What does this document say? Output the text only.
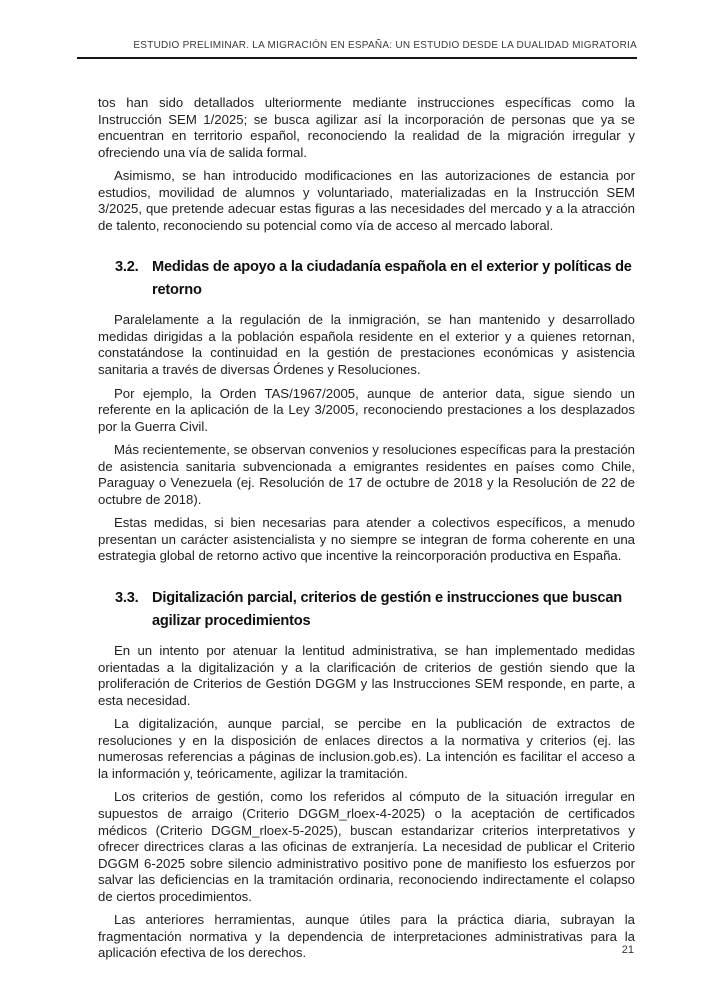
ESTUDIO PRELIMINAR. LA MIGRACIÓN EN ESPAÑA: UN ESTUDIO DESDE LA DUALIDAD MIGRATORIA

tos han sido detallados ulteriormente mediante instrucciones específicas como la Instrucción SEM 1/2025; se busca agilizar así la incorporación de personas que ya se encuentran en territorio español, reconociendo la realidad de la migración irregular y ofreciendo una vía de salida formal.

Asimismo, se han introducido modificaciones en las autorizaciones de estancia por estudios, movilidad de alumnos y voluntariado, materializadas en la Instrucción SEM 3/2025, que pretende adecuar estas figuras a las necesidades del mercado y a la atracción de talento, reconociendo su potencial como vía de acceso al mercado laboral.

3.2. Medidas de apoyo a la ciudadanía española en el exterior y políticas de retorno

Paralelamente a la regulación de la inmigración, se han mantenido y desarrollado medidas dirigidas a la población española residente en el exterior y a quienes retornan, constatándose la continuidad en la gestión de prestaciones económicas y asistencia sanitaria a través de diversas Órdenes y Resoluciones.

Por ejemplo, la Orden TAS/1967/2005, aunque de anterior data, sigue siendo un referente en la aplicación de la Ley 3/2005, reconociendo prestaciones a los desplazados por la Guerra Civil.

Más recientemente, se observan convenios y resoluciones específicas para la prestación de asistencia sanitaria subvencionada a emigrantes residentes en países como Chile, Paraguay o Venezuela (ej. Resolución de 17 de octubre de 2018 y la Resolución de 22 de octubre de 2018).

Estas medidas, si bien necesarias para atender a colectivos específicos, a menudo presentan un carácter asistencialista y no siempre se integran de forma coherente en una estrategia global de retorno activo que incentive la reincorporación productiva en España.

3.3. Digitalización parcial, criterios de gestión e instrucciones que buscan agilizar procedimientos

En un intento por atenuar la lentitud administrativa, se han implementado medidas orientadas a la digitalización y a la clarificación de criterios de gestión siendo que la proliferación de Criterios de Gestión DGGM y las Instrucciones SEM responde, en parte, a esta necesidad.

La digitalización, aunque parcial, se percibe en la publicación de extractos de resoluciones y en la disposición de enlaces directos a la normativa y criterios (ej. las numerosas referencias a páginas de inclusion.gob.es). La intención es facilitar el acceso a la información y, teóricamente, agilizar la tramitación.

Los criterios de gestión, como los referidos al cómputo de la situación irregular en supuestos de arraigo (Criterio DGGM_rloex-4-2025) o la aceptación de certificados médicos (Criterio DGGM_rloex-5-2025), buscan estandarizar criterios interpretativos y ofrecer directrices claras a las oficinas de extranjería. La necesidad de publicar el Criterio DGGM 6-2025 sobre silencio administrativo positivo pone de manifiesto los esfuerzos por salvar las deficiencias en la tramitación ordinaria, reconociendo indirectamente el colapso de ciertos procedimientos.

Las anteriores herramientas, aunque útiles para la práctica diaria, subrayan la fragmentación normativa y la dependencia de interpretaciones administrativas para la aplicación efectiva de los derechos.	21
